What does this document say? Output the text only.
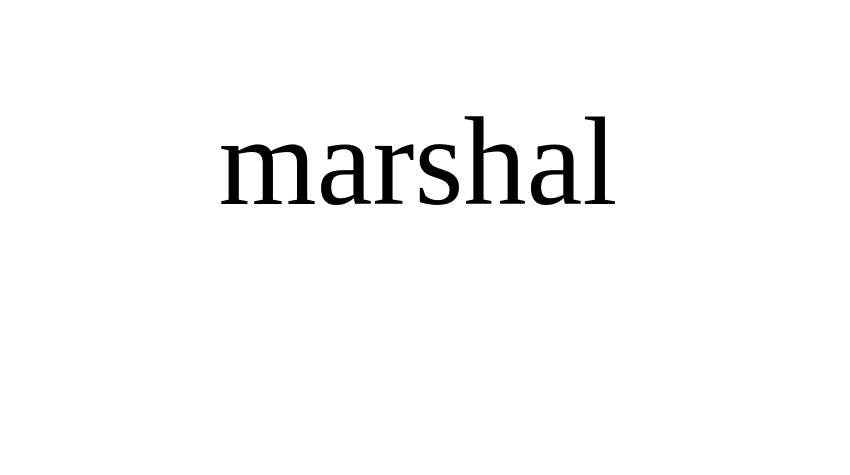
marshal
